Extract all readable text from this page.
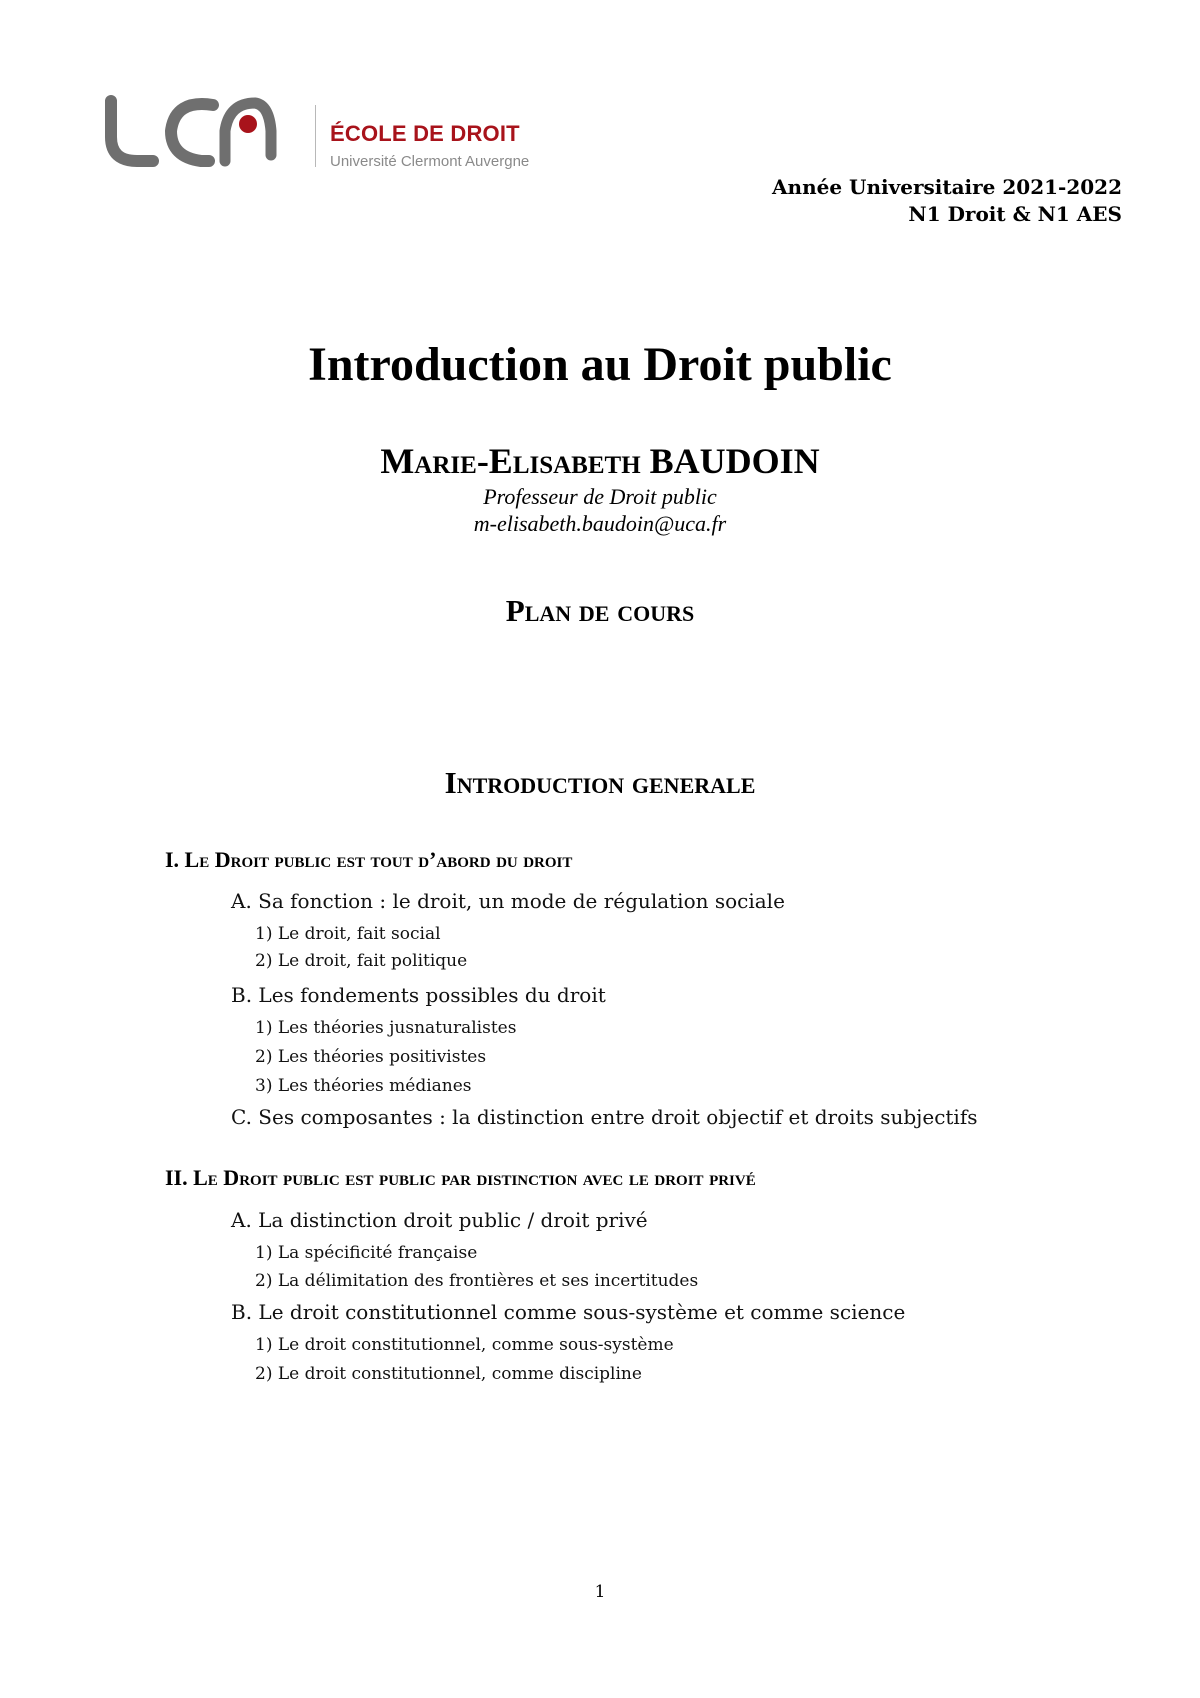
ÉCOLE DE DROIT
Université Clermont Auvergne
Année Universitaire 2021-2022
N1 Droit & N1 AES
Introduction au Droit public
Marie-Elisabeth BAUDOIN
Professeur de Droit public
m-elisabeth.baudoin@uca.fr
Plan de cours
Introduction generale
I. Le Droit public est tout d’abord du droit
A. Sa fonction : le droit, un mode de régulation sociale
1) Le droit, fait social
2) Le droit, fait politique
B. Les fondements possibles du droit
1) Les théories jusnaturalistes
2) Les théories positivistes
3) Les théories médianes
C. Ses composantes : la distinction entre droit objectif et droits subjectifs
II. Le Droit public est public par distinction avec le droit privé
A. La distinction droit public / droit privé
1) La spécificité française
2) La délimitation des frontières et ses incertitudes
B. Le droit constitutionnel comme sous-système et comme science
1) Le droit constitutionnel, comme sous-système
2) Le droit constitutionnel, comme discipline
1
